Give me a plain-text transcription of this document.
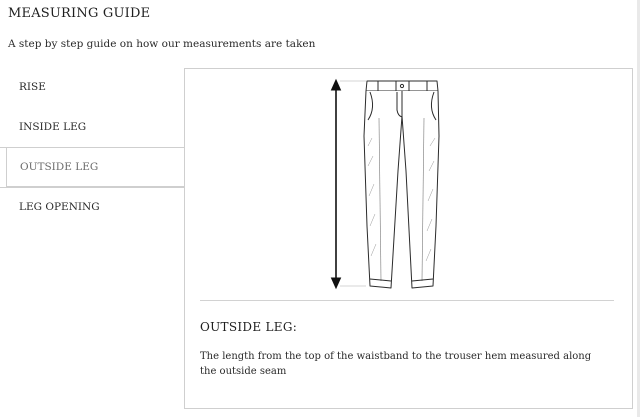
MEASURING GUIDE
A step by step guide on how our measurements are taken
RISE
INSIDE LEG
OUTSIDE LEG
LEG OPENING
OUTSIDE LEG:
The length from the top of the waistband to the trouser hem measured along the outside seam
